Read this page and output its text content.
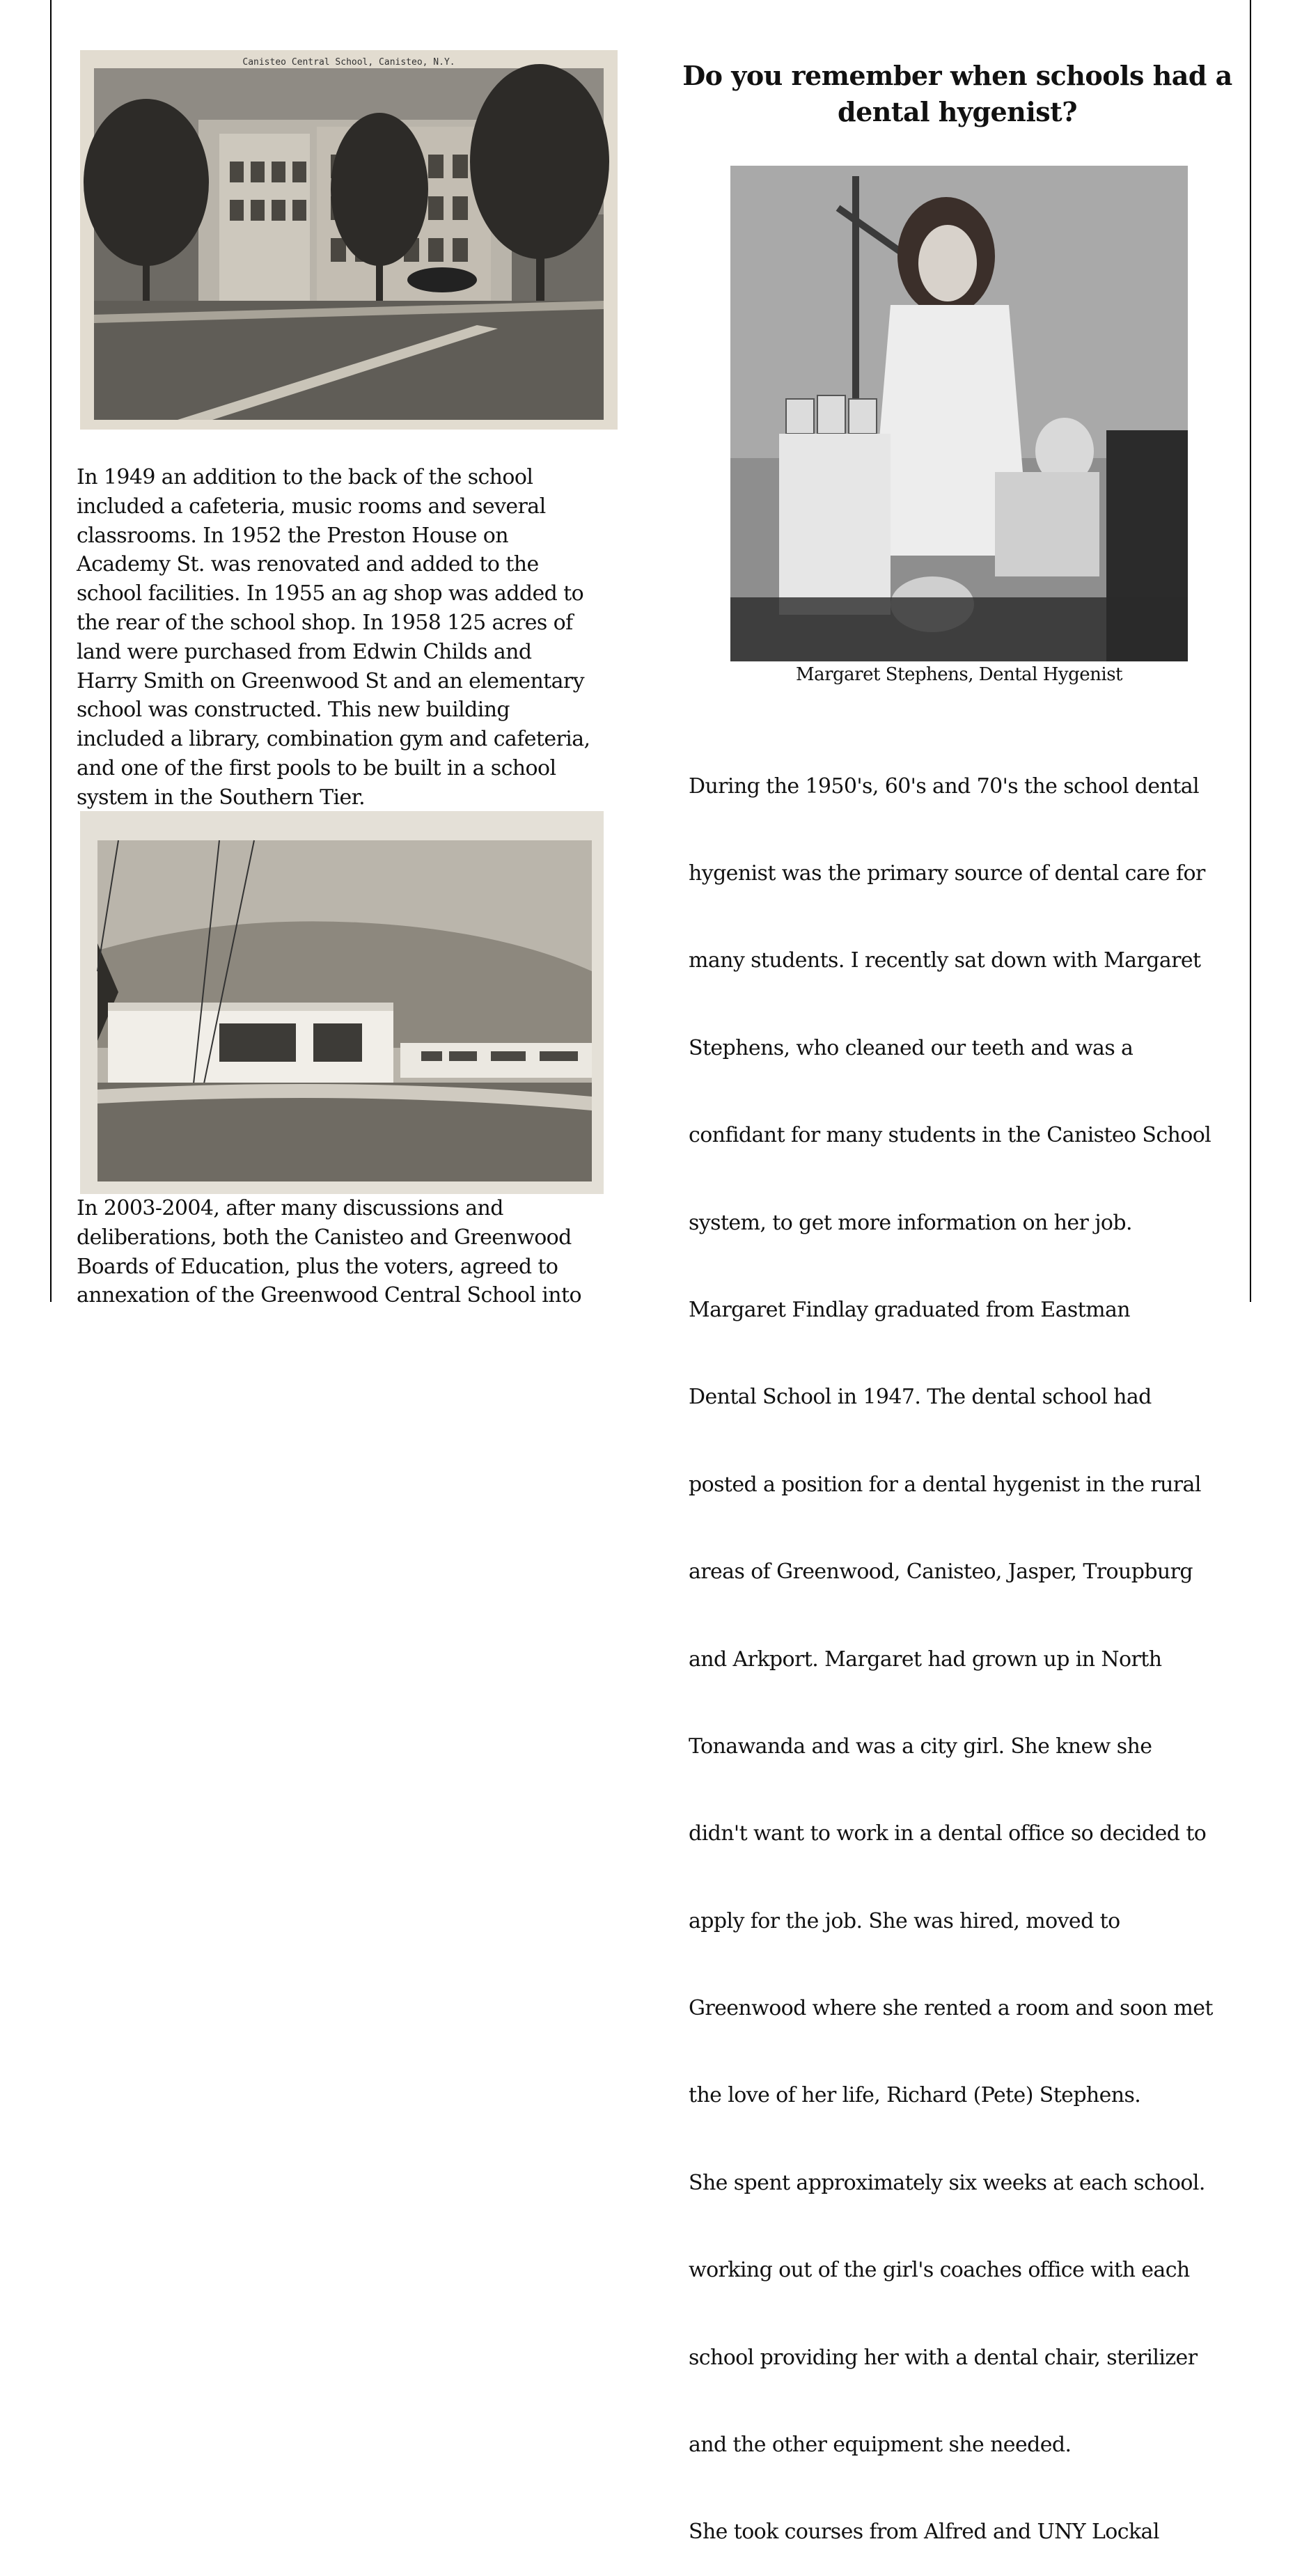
Canisteo Central School, Canisteo, N.Y.	Do you remember when schools had a
dental hygenist?
Margaret Stephens, Dental Hygenist
In 1949 an addition to the back of the school
included a cafeteria, music rooms and several
classrooms. In 1952 the Preston House on
Academy St. was renovated and added to the
school facilities. In 1955 an ag shop was added to
the rear of the school shop. In 1958 125 acres of
land were purchased from Edwin Childs and
Harry Smith on Greenwood St and an elementary
school was constructed. This new building
included a library, combination gym and cafeteria,
and one of the first pools to be built in a school
system in the Southern Tier.
In 2003-2004, after many discussions and
deliberations, both the Canisteo and Greenwood
Boards of Education, plus the voters, agreed to
annexation of the Greenwood Central School into

During the 1950's, 60's and 70's the school dental

hygenist was the primary source of dental care for

many students. I recently sat down with Margaret

Stephens, who cleaned our teeth and was a

confidant for many students in the Canisteo School

system, to get more information on her job.

Margaret Findlay graduated from Eastman

Dental School in 1947. The dental school had

posted a position for a dental hygenist in the rural

areas of Greenwood, Canisteo, Jasper, Troupburg

and Arkport. Margaret had grown up in North

Tonawanda and was a city girl. She knew she

didn't want to work in a dental office so decided to

apply for the job. She was hired, moved to

Greenwood where she rented a room and soon met

the love of her life, Richard (Pete) Stephens.

She spent approximately six weeks at each school.

working out of the girl's coaches office with each

school providing her with a dental chair, sterilizer

and the other equipment she needed.

She took courses from Alfred and UNY Lockal
